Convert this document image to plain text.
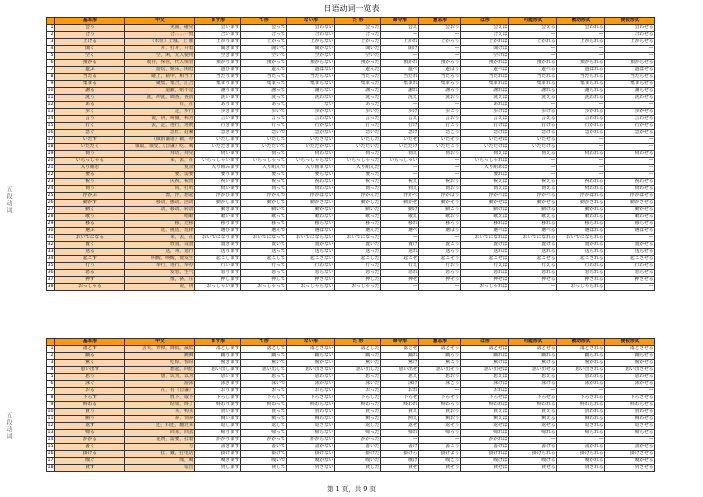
日语动词一览表
五段动词
五段动词
		基本形	中文	ます形	て形	ない形	た 形	命令形	意志形	ば形	可能形式	被动形式	使役形式
	1	会う	见面，碰见	会います	会って	会わない	会った	会え	会おう	会えば	会える	会われる	会わせる
	2	合う	合……一致	合います	合って	合わない	合った	—	—	合えば	—	—	合わせる
	3	上げる	（水位）上涨，上 涨	上がります	上がって	上がらない	上がった	上がれ	上がろう	上がれば	上がれる	上がられる	上がらせる
	4	開く	开，打开，开着	開きます	開いて	開かない	開いた	開け	—	開けば	—	—	—
	5	空く	空，闲，无人使用	空きます	空いて	空かない	空いた	—	—	空けば	—	—	—
	6	預かる	收存，保管，代人保管	預かります	預かって	預からない	預かった	預かれ	預かろう	預かれば	預かれる	預かられる	預からせる
	7	遊ぶ	游玩，娱乐，闲逛	遊びます	遊んで	遊ばない	遊んだ	遊べ	遊ぼう	遊べば	遊べる	遊ばれる	遊ばせる
	8	当たる	碰上，猜中，相当于	当たります	当たって	当たらない	当たった	当たれ	当たろう	当たれば	当たれる	当たられる	当たらせる
	9	集まる	聚集，集合，汇合	集まります	集まって	集まらない	集まった	集まれ	集まろう	集まれば	集まれる	集まられる	集まらせる
	10	謝る	道歉，赔不是	謝ります	謝って	謝らない	謝った	謝れ	謝ろう	謝れば	謝れる	謝られる	謝らせる
	11	洗う	洗，冲洗，调查，查清	洗います	洗って	洗わない	洗った	洗え	洗おう	洗えば	洗える	洗われる	洗わせる
	12	ある	有，在	あります	あって	ない	あった	—	—	あれば	—	—	—
	13	歩く	走，步行	歩きます	歩いて	歩かない	歩いた	歩け	歩こう	歩けば	歩ける	歩かれる	歩かせる
	14	言う	说，讲，叫做，称为	言います	言って	言わない	言った	言え	言おう	言えば	言える	言われる	言わせる
	15	行く	去，走，进行，进展	行きます	行って	行かない	行った	行け	行こう	行けば	行ける	行かれる	行かせる
	16	急ぐ	急忙，赶紧	急ぎます	急いで	急がない	急いだ	急げ	急ごう	急げば	急げる	急がれる	急がせる
	17	いたす	（做的谦语）做，办	いたします	いたして	いたさない	いたした	いたせ	いたそう	いたせば	いたせる	—	—
	18	いただく	领取，领受，（自谦）吃、喝	いただきます	いただいて	いただかない	いただいた	いただけ	いただこう	いただけば	いただける	—	—
	19	伺う	拜访，拜见	伺います	伺って	伺わない	伺った	伺え	伺おう	伺えば	伺える	伺われる	伺わせる
	20	いらっしゃる	来，去，在	いらっしゃいます	いらっしゃって	いらっしゃらない	いらっしゃった	いらっしゃい	—	いらっしゃれば	—	—	—
	21	入り組む	复杂	入り組みます	入り組んで	入り組まない	入り組んだ	—	—	入り組めば	—	—	—
	22	要る	要，需要	要ります	要って	要らない	要った	—	—	要れば	—	—	—
	23	祝う	庆祝，祝贺	祝います	祝って	祝わない	祝った	祝え	祝おう	祝えば	祝える	祝われる	祝わせる
	24	伺う	问，打听	伺います	伺って	伺わない	伺った	伺え	伺おう	伺えば	伺える	伺われる	伺わせる
	25	浮かぶ	漂，浮，想起	浮かびます	浮かんで	浮かばない	浮かんだ	浮かべ	浮かぼう	浮かべば	浮かべる	浮かばれる	浮かばせる
	26	動かす	移动，挪动，活动	動かします	動かして	動かさない	動かした	動かせ	動かそう	動かせば	動かせる	動かされる	動かさせる
	27	動く	动，移动，转动	動きます	動いて	動かない	動いた	動け	動こう	動けば	動ける	動かれる	動かせる
	28	歌う	唱歌	歌います	歌って	歌わない	歌った	歌え	歌おう	歌えば	歌える	歌われる	歌わせる
	29	移る	移，迁移	移ります	移って	移らない	移った	移れ	移ろう	移れば	移れる	移られる	移らせる
	30	選ぶ	选，挑选，选择	選びます	選んで	選ばない	選んだ	選べ	選ぼう	選べば	選べる	選ばれる	選ばせる
	31	おいでになる	来，去，在	おいでになります	おいでになって	おいでにならない	おいでになった	—	—	おいでになれば	おいでになれる	おいでになられる	—
	32	置く	放置，设置	置きます	置いて	置かない	置いた	置け	置こう	置けば	置ける	置かれる	置かせる
	33	送る	送，寄，送行	送ります	送って	送らない	送った	送れ	送ろう	送れば	送れる	送られる	送らせる
	34	起こす	叫醒，唤醒，使发生	起こします	起こして	起こさない	起こした	起こせ	起こそう	起こせば	起こせる	起こされる	起こさせる
	35	行う	举行，进行，举办	行います	行って	行わない	行った	行え	行おう	行えば	行える	行われる	行わせる
	36	怒る	发怒，生气	怒ります	怒って	怒らない	怒った	怒れ	怒ろう	怒れば	怒れる	怒られる	怒らせる
	37	押す	推，挤，压	押します	押して	押さない	押した	押せ	押そう	押せば	押せる	押される	押させる
	38	おっしゃる	说，讲	おっしゃいます	おっしゃって	おっしゃらない	おっしゃった	—	—	おっしゃれば	—	おっしゃられる	—
		基本形	中文	ます形	て形	ない形	た 形	命令形	意志形	ば形	可能形式	被动形式	使役形式
	1	落とす	丢失，弄掉，降低，减低	落とします	落として	落とさない	落とした	落とせ	落とそう	落とせば	落とせる	落とされる	落とさせる
	2	踊る	跳舞	踊ります	踊って	踊らない	踊った	踊れ	踊ろう	踊れば	踊れる	踊られる	踊らせる
	3	驚く	吃惊，惊讶	驚きます	驚いて	驚かない	驚いた	驚け	驚こう	驚けば	驚ける	驚かれる	驚かせる
	4	思い出す	想起，回忆	思い出します	思い出して	思い出さない	思い出した	思い出せ	思い出そう	思い出せば	思い出せる	思い出される	思い出させる
	5	思う	想，认为，以为	思います	思って	思わない	思った	思え	思おう	思えば	思える	思われる	思わせる
	6	泳ぐ	游泳	泳ぎます	泳いで	泳がない	泳いだ	泳げ	泳ごう	泳げば	泳げる	泳がれる	泳がせる
	7	おる	在，有（自谦）	おります	おって	おらない	おった	おれ	—	おれば	—	—	—
	8	下ろす	放下，取下	下ろします	下ろして	下ろさない	下ろした	下ろせ	下ろそう	下ろせば	下ろせる	下ろされる	下ろさせる
	9	終わる	结束，终了	終わります	終わって	終わらない	終わった	終われ	終わろう	終われば	終われる	終わられる	終わらせる
	10	買う	买，购买	買います	買って	買わない	買った	買え	買おう	買えば	買える	買われる	買わせる
	11	飼う	养，饲养	飼います	飼って	飼わない	飼った	飼え	飼おう	飼えば	飼える	飼われる	飼わせる
	12	返す	还，归还，翻过来	返します	返して	返さない	返した	返せ	返そう	返せば	返せる	返される	返させる
	13	帰る	回来，回去	帰ります	帰って	帰らない	帰った	帰れ	帰ろう	帰れば	帰れる	帰られる	帰らせる
	14	かかる	花费，需要，挂着	かかります	かかって	かからない	かかった	—	—	かかれば	—	—	—
	15	書く	写	書きます	書いて	書かない	書いた	書け	書こう	書けば	書ける	書かれる	書かせる
	16	掛ける	挂，戴，打电话	掛けます	掛けて	掛けない	掛けた	掛けろ	掛けよう	掛ければ	掛けられる	掛けられる	掛けさせる
	17	嗅ぐ	闻，嗅	嗅ぎます	嗅いで	嗅がない	嗅いだ	嗅げ	嗅ごう	嗅げば	嗅げる	嗅がれる	嗅がせる
	18	貸す	借出	貸します	貸して	貸さない	貸した	貸せ	貸そう	貸せば	貸せる	貸される	貸させる
第 1 页，共 9 页
